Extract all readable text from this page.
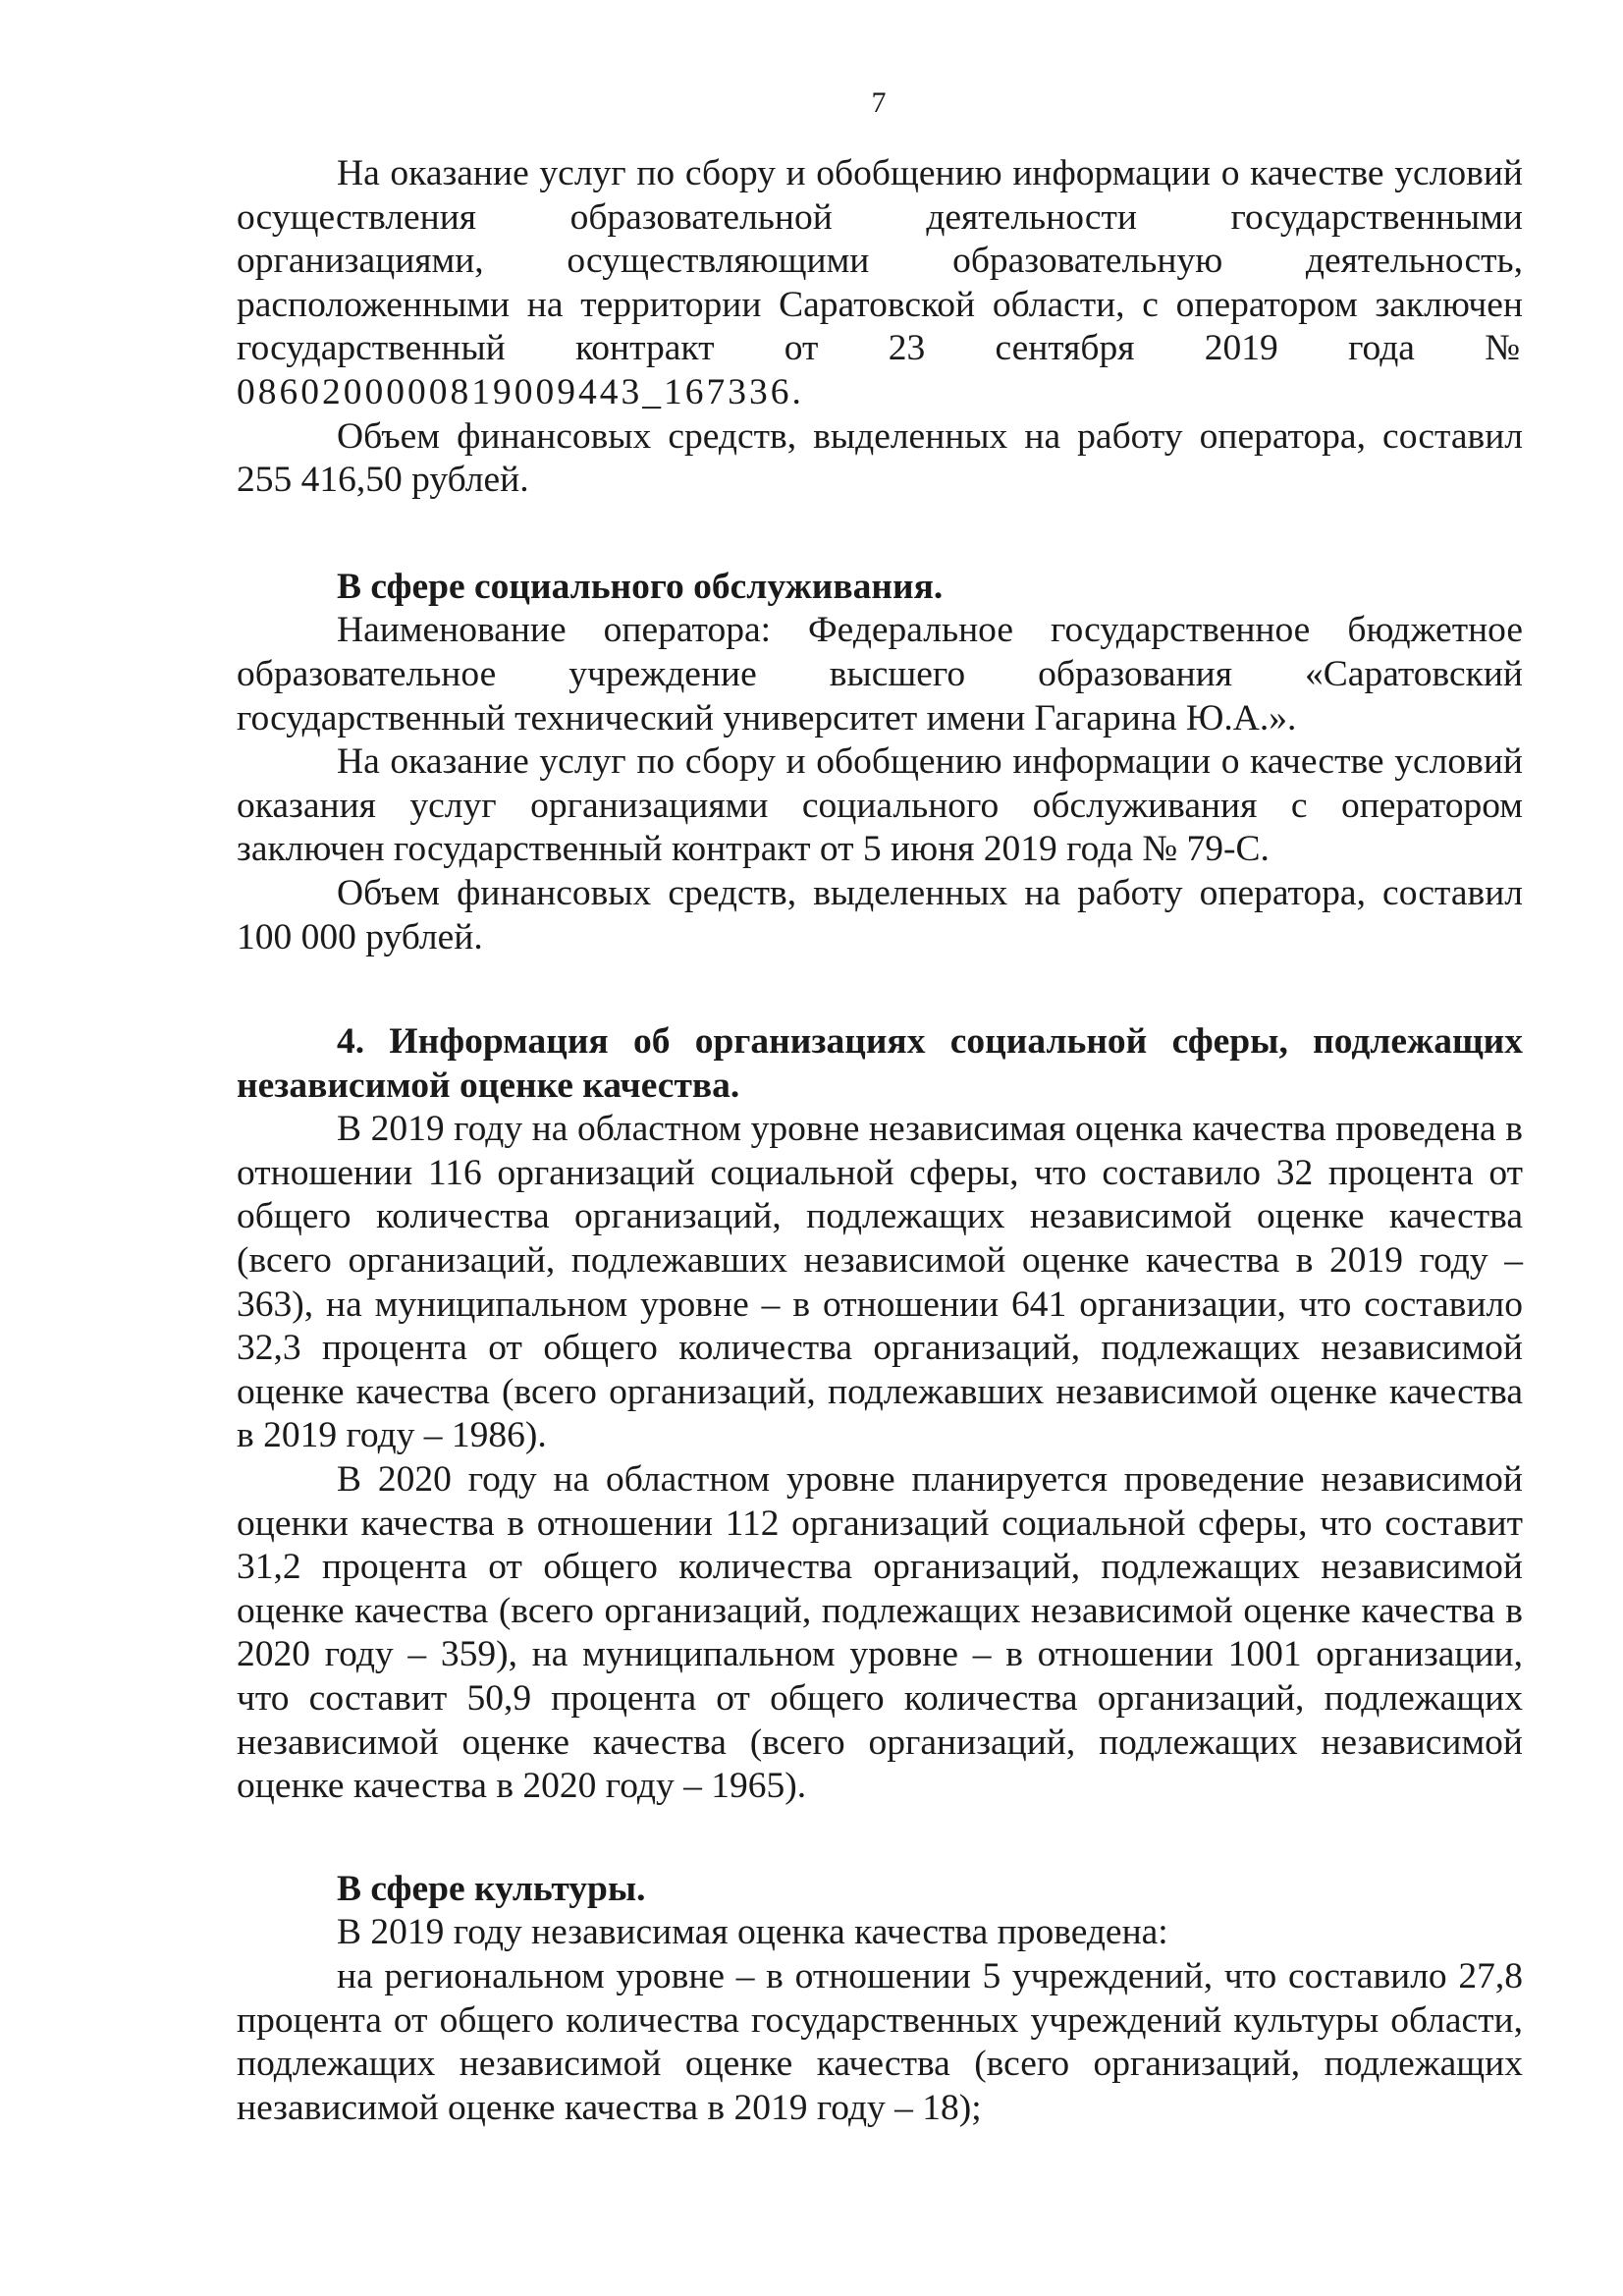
7

На оказание услуг по сбору и обобщению информации о качестве условий осуществления образовательной деятельности государственными организациями, осуществляющими образовательную деятельность, расположенными на территории Саратовской области, с оператором заключен государственный контракт от 23 сентября 2019 года № 0860200000819009443_167336.

Объем финансовых средств, выделенных на работу оператора, составил 255 416,50 рублей.

В сфере социального обслуживания.

Наименование оператора: Федеральное государственное бюджетное образовательное учреждение высшего образования «Саратовский государственный технический университет имени Гагарина Ю.А.».

На оказание услуг по сбору и обобщению информации о качестве условий оказания услуг организациями социального обслуживания с оператором заключен государственный контракт от 5 июня 2019 года № 79-С.

Объем финансовых средств, выделенных на работу оператора, составил 100 000 рублей.

4. Информация об организациях социальной сферы, подлежащих независимой оценке качества.

В 2019 году на областном уровне независимая оценка качества проведена в отношении 116 организаций социальной сферы, что составило 32 процента от общего количества организаций, подлежащих независимой оценке качества (всего организаций, подлежавших независимой оценке качества в 2019 году – 363), на муниципальном уровне – в отношении 641 организации, что составило 32,3 процента от общего количества организаций, подлежащих независимой оценке качества (всего организаций, подлежавших независимой оценке качества в 2019 году – 1986).

В 2020 году на областном уровне планируется проведение независимой оценки качества в отношении 112 организаций социальной сферы, что составит 31,2 процента от общего количества организаций, подлежащих независимой оценке качества (всего организаций, подлежащих независимой оценке качества в 2020 году – 359), на муниципальном уровне – в отношении 1001 организации, что составит 50,9 процента от общего количества организаций, подлежащих независимой оценке качества (всего организаций, подлежащих независимой оценке качества в 2020 году – 1965).

В сфере культуры.

В 2019 году независимая оценка качества проведена:

на региональном уровне – в отношении 5 учреждений, что составило 27,8 процента от общего количества государственных учреждений культуры области, подлежащих независимой оценке качества (всего организаций, подлежащих независимой оценке качества в 2019 году – 18);
